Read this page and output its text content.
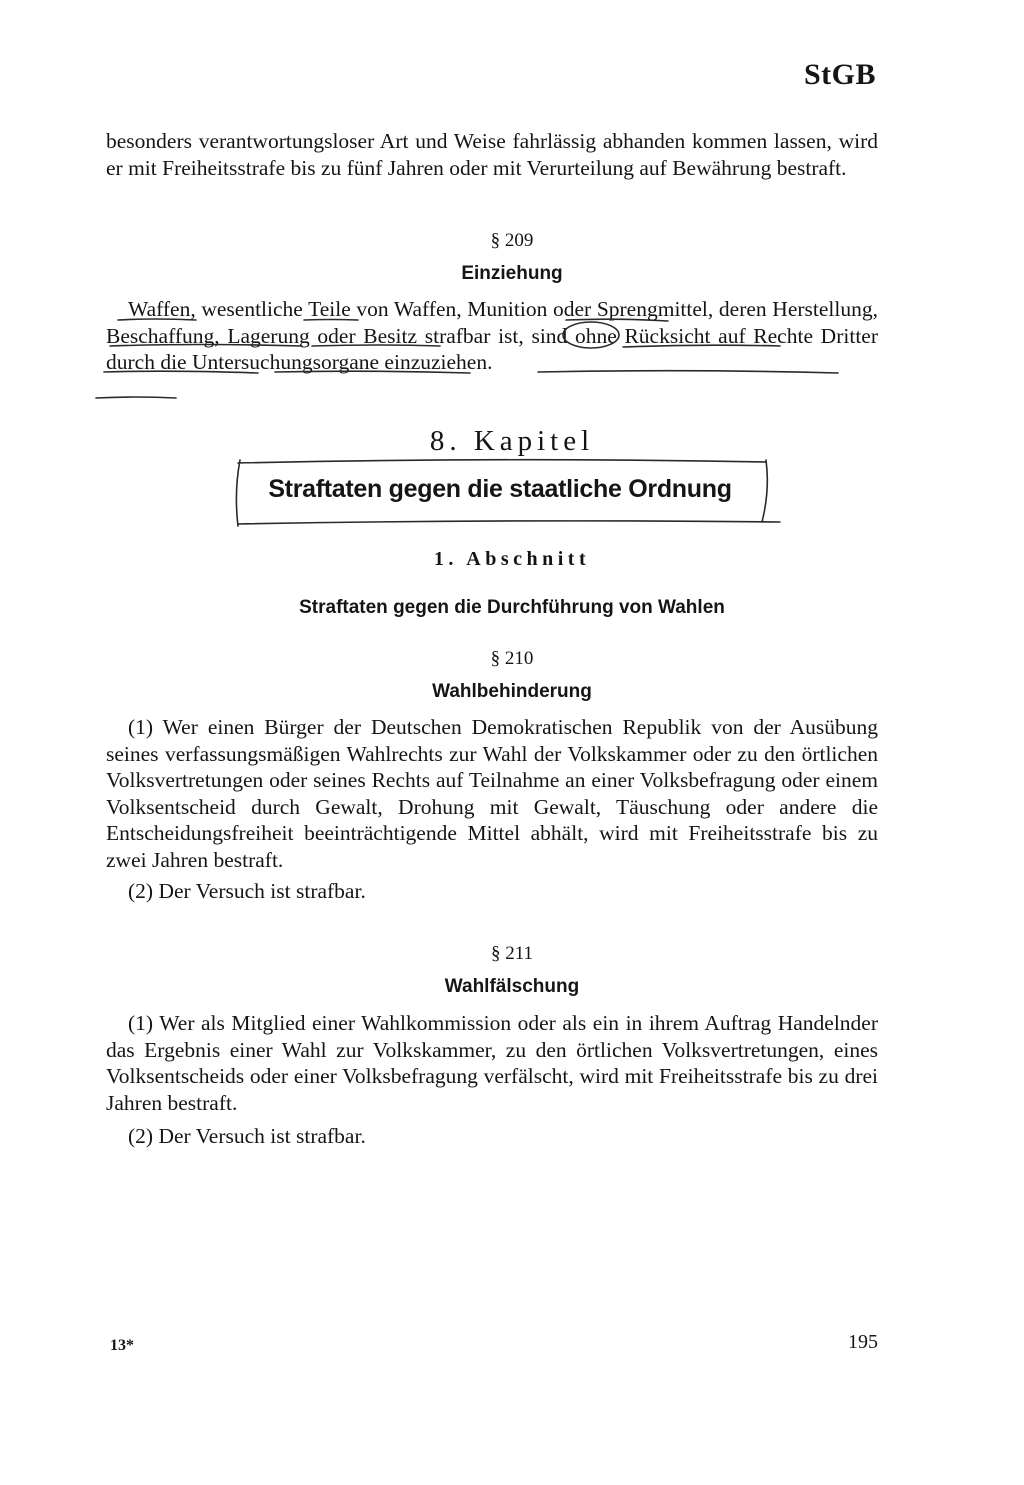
StGB

besonders verantwortungsloser Art und Weise fahrlässig abhanden kommen lassen, wird er mit Freiheitsstrafe bis zu fünf Jahren oder mit Verurteilung auf Bewährung bestraft.

§ 209
Einziehung

Waffen, wesentliche Teile von Waffen, Munition oder Sprengmittel, deren Herstellung, Beschaffung, Lagerung oder Besitz strafbar ist, sind ohne Rücksicht auf Rechte Dritter durch die Untersuchungsorgane einzuziehen.

8. Kapitel
Straftaten gegen die staatliche Ordnung
1. Abschnitt
Straftaten gegen die Durchführung von Wahlen
§ 210
Wahlbehinderung

(1) Wer einen Bürger der Deutschen Demokratischen Republik von der Ausübung seines verfassungsmäßigen Wahlrechts zur Wahl der Volkskammer oder zu den örtlichen Volksvertretungen oder seines Rechts auf Teilnahme an einer Volksbefragung oder einem Volksentscheid durch Gewalt, Drohung mit Gewalt, Täuschung oder andere die Entscheidungsfreiheit beeinträchtigende Mittel abhält, wird mit Freiheitsstrafe bis zu zwei Jahren bestraft.

(2) Der Versuch ist strafbar.

§ 211
Wahlfälschung

(1) Wer als Mitglied einer Wahlkommission oder als ein in ihrem Auftrag Handelnder das Ergebnis einer Wahl zur Volkskammer, zu den örtlichen Volksvertretungen, eines Volksentscheids oder einer Volksbefragung verfälscht, wird mit Freiheitsstrafe bis zu drei Jahren bestraft.

(2) Der Versuch ist strafbar.

13*	195
